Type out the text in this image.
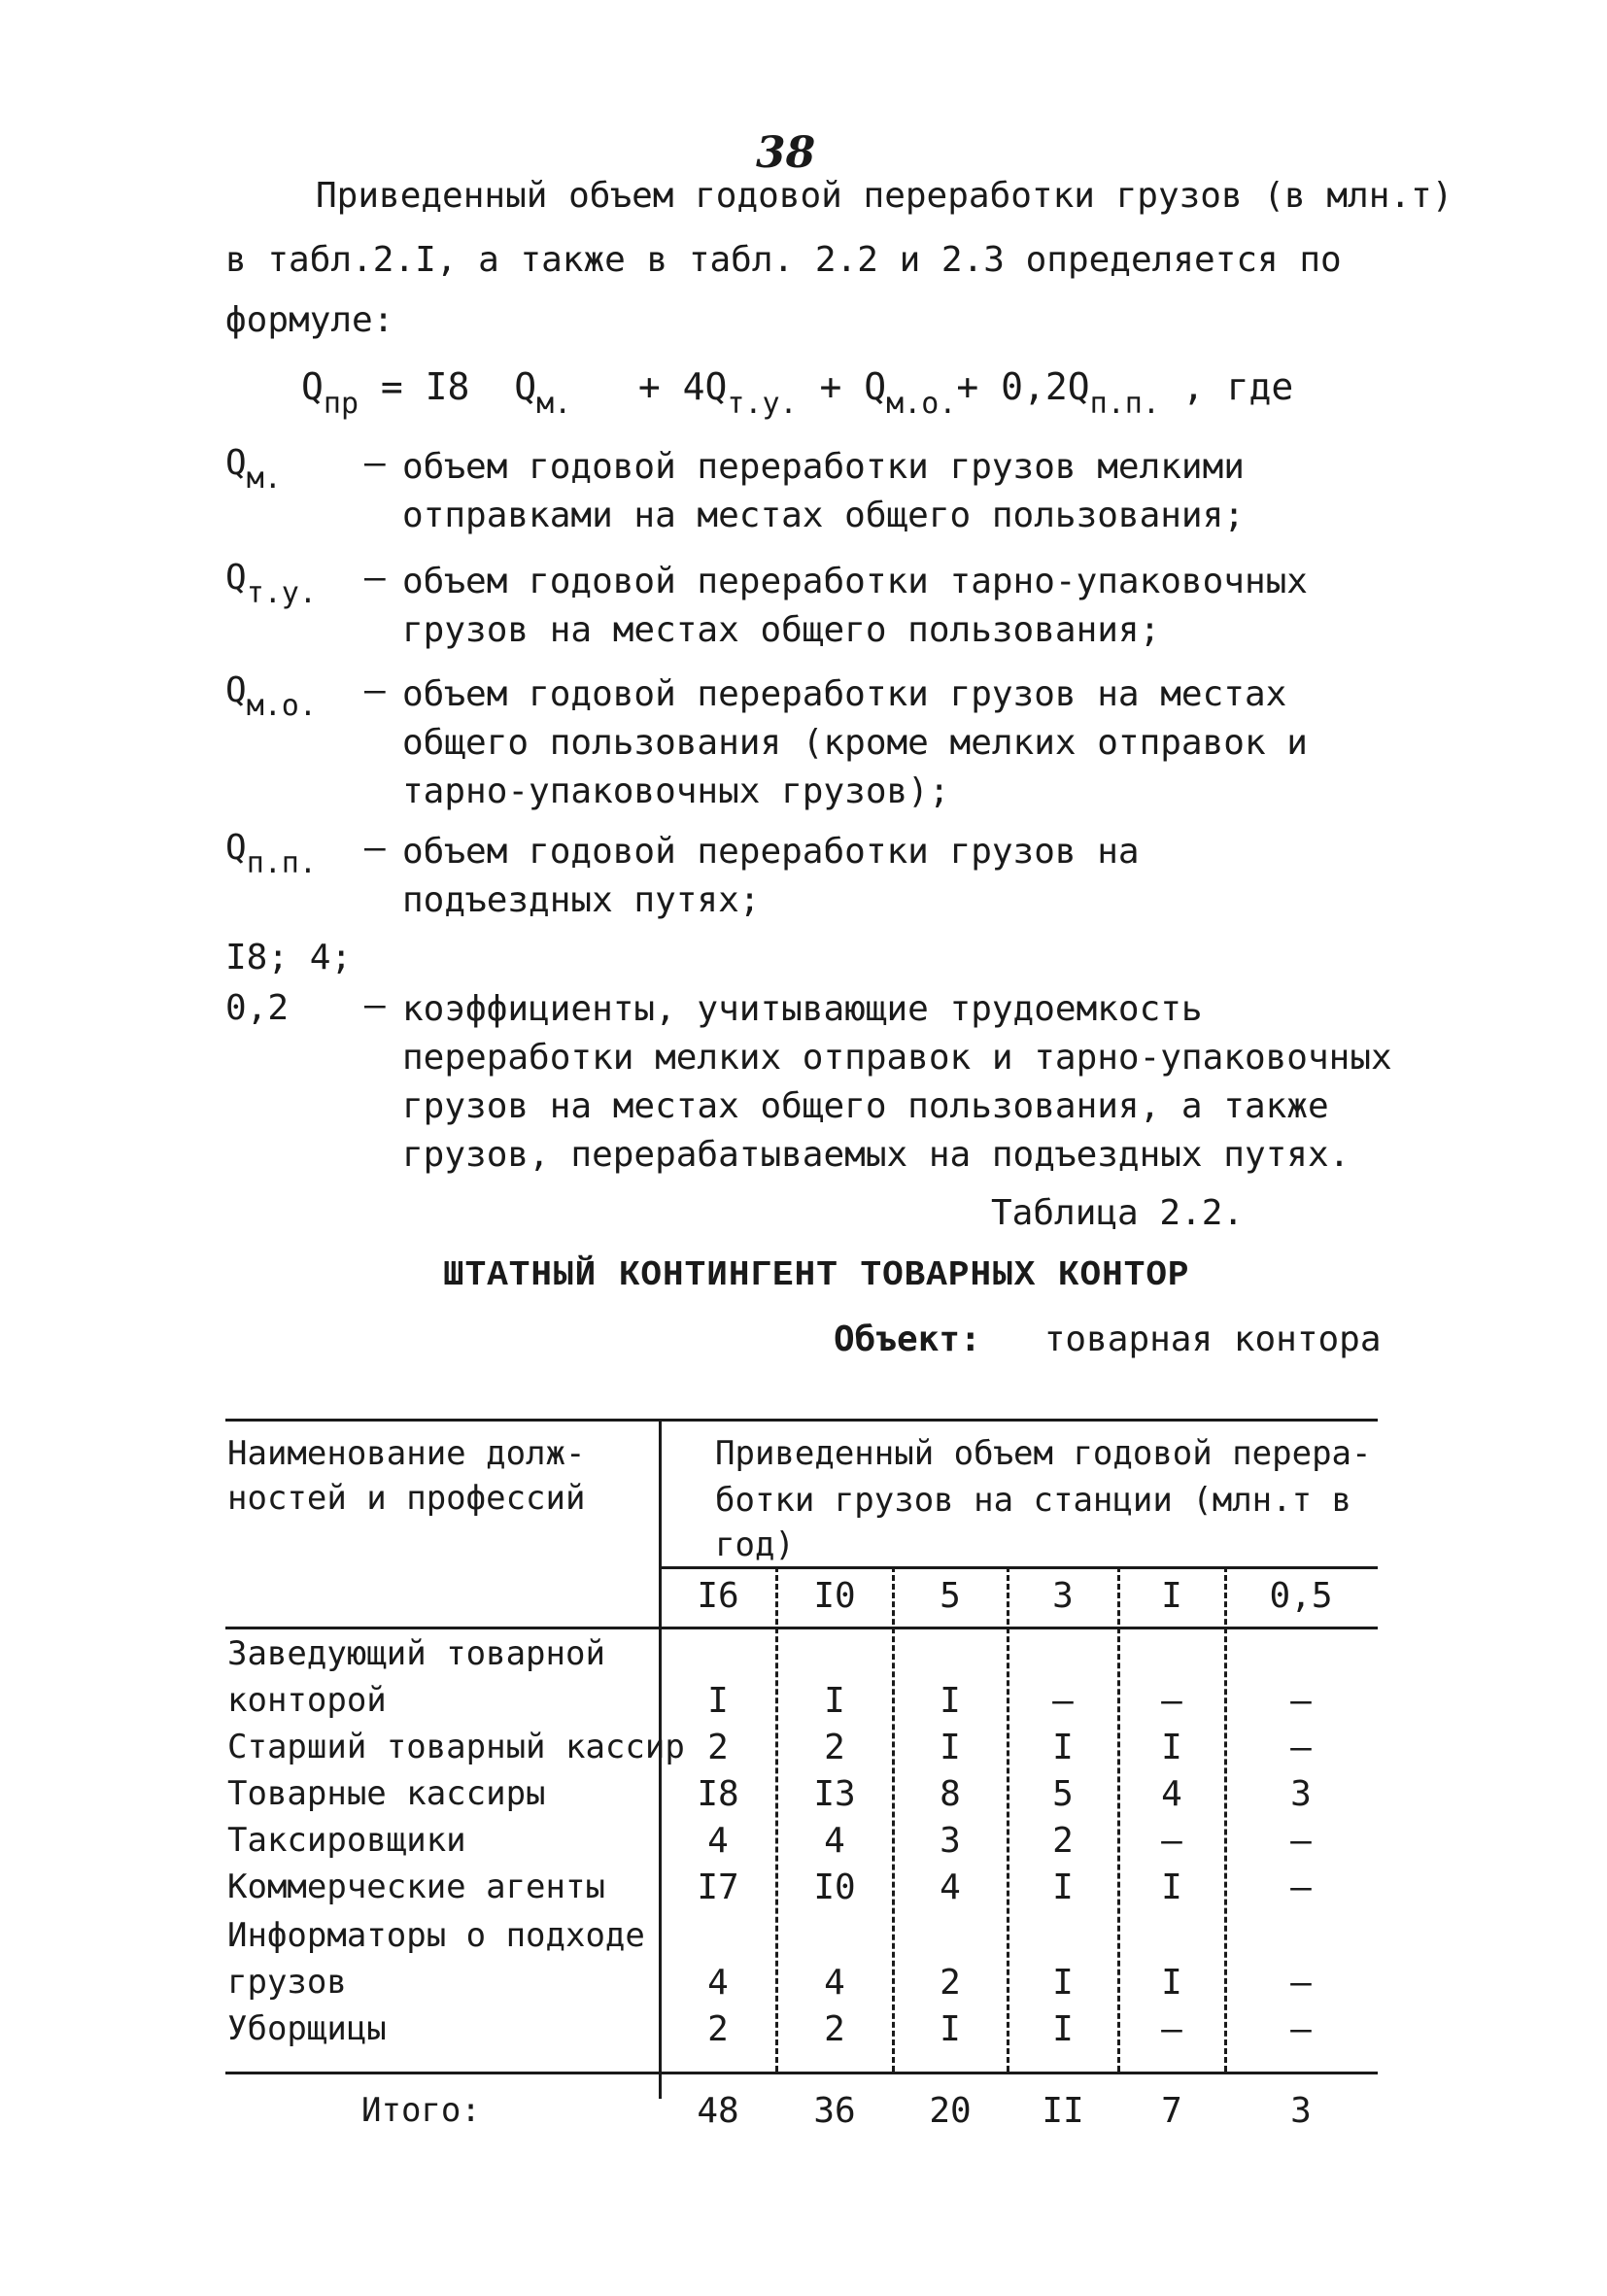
38
Приведенный объем годовой переработки грузов (в млн.т)
в табл.2.I, а также в табл. 2.2 и 2.3 определяется по
формуле:
$Q_{пр} = I8$ $Q_{м.} + 4Q_{т.у.} + Q_{м.о.}+ 0,2Q_{п.п.}$ , где
$Q_{м.}$ – объем годовой переработки грузов мелкими отправками на местах общего пользования;
$Q_{т.у.}$ – объем годовой переработки тарно-упаковочных грузов на местах общего пользования;
$Q_{м.о.}$ – объем годовой переработки грузов на местах общего пользования (кроме мелких отправок и тарно-упаковочных грузов);
$Q_{п.п.}$ – объем годовой переработки грузов на подъездных путях;
I8; 4;
0,2 – коэффициенты, учитывающие трудоемкость переработки мелких отправок и тарно-упаковочных грузов на местах общего пользования, а также грузов, перерабатываемых на подъездных путях.
Таблица 2.2.
ШТАТНЫЙ КОНТИНГЕНТ ТОВАРНЫХ КОНТОР
Объект: товарная контора
Наименование долж-
ностей и профессий
Приведенный объем годовой перера-
ботки грузов на станции (млн.т в
год)
I6	I0	5	3	I	0,5
Заведующий товарной
конторой	I	I	I	–	–	–
Старший товарный кассир 2	2	I	I	I	–
Товарные кассиры	I8	I3	8	5	4	3
Таксировщики	4	4	3	2	–	–
Коммерческие агенты	I7	I0	4	I	I	–
Информаторы о подходе
грузов	4	4	2	I	I	–
Уборщицы	2	2	I	I	–	–
Итого:	48	36	20	II	7	3
